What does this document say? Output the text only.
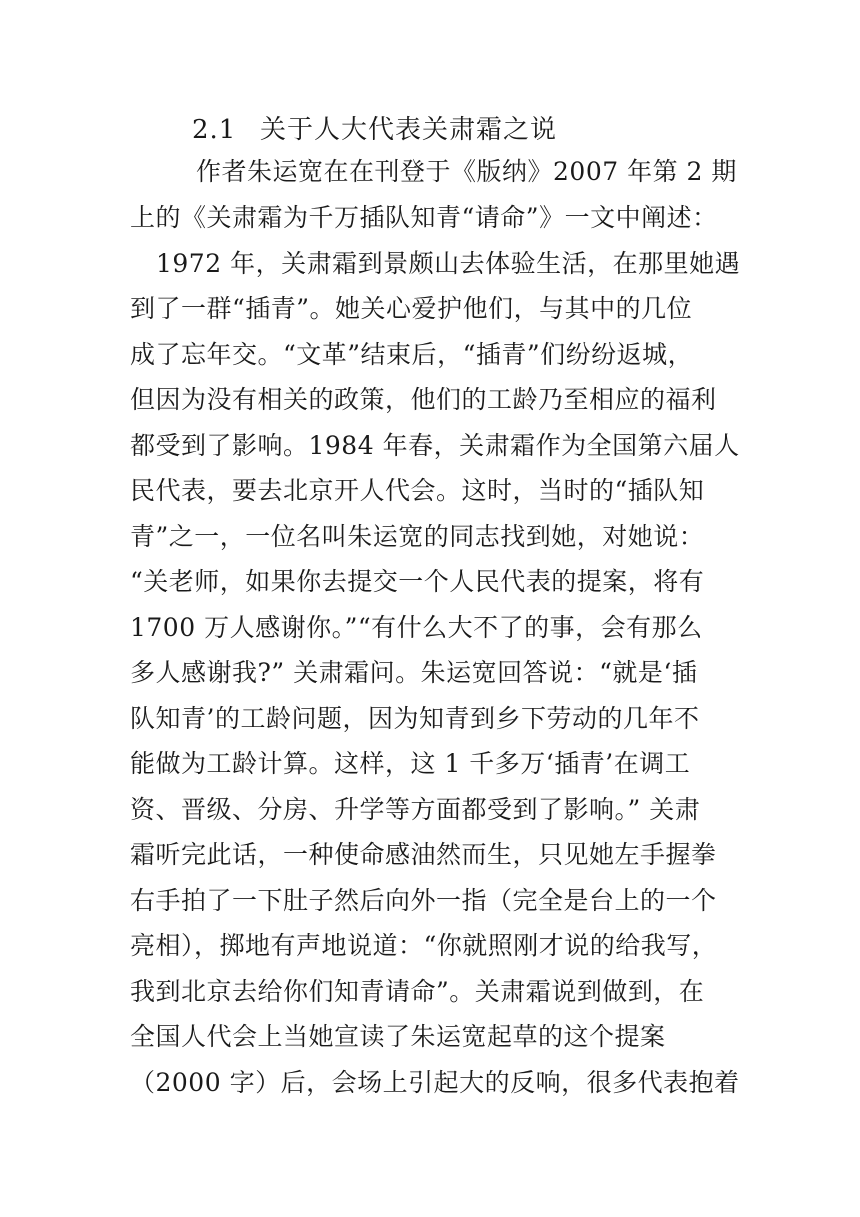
2.1 关于人大代表关肃霜之说
作者朱运宽在在刊登于《版纳》2007 年第 2 期
上的《关肃霜为千万插队知青“请命”》一文中阐述：
1972 年，关肃霜到景颇山去体验生活，在那里她遇
到了一群“插青”。她关心爱护他们，与其中的几位
成了忘年交。“文革”结束后，“插青”们纷纷返城，
但因为没有相关的政策，他们的工龄乃至相应的福利
都受到了影响。1984 年春，关肃霜作为全国第六届人
民代表，要去北京开人代会。这时，当时的“插队知
青”之一，一位名叫朱运宽的同志找到她，对她说：
“关老师，如果你去提交一个人民代表的提案，将有
1700 万人感谢你。”“有什么大不了的事，会有那么
多人感谢我?” 关肃霜问。朱运宽回答说：“就是‘插
队知青’的工龄问题，因为知青到乡下劳动的几年不
能做为工龄计算。这样，这 1 千多万‘插青’在调工
资、晋级、分房、升学等方面都受到了影响。” 关肃
霜听完此话，一种使命感油然而生，只见她左手握拳
右手拍了一下肚子然后向外一指（完全是台上的一个
亮相），掷地有声地说道：“你就照刚才说的给我写，
我到北京去给你们知青请命”。关肃霜说到做到，在
全国人代会上当她宣读了朱运宽起草的这个提案
（2000 字）后，会场上引起大的反响，很多代表抱着
